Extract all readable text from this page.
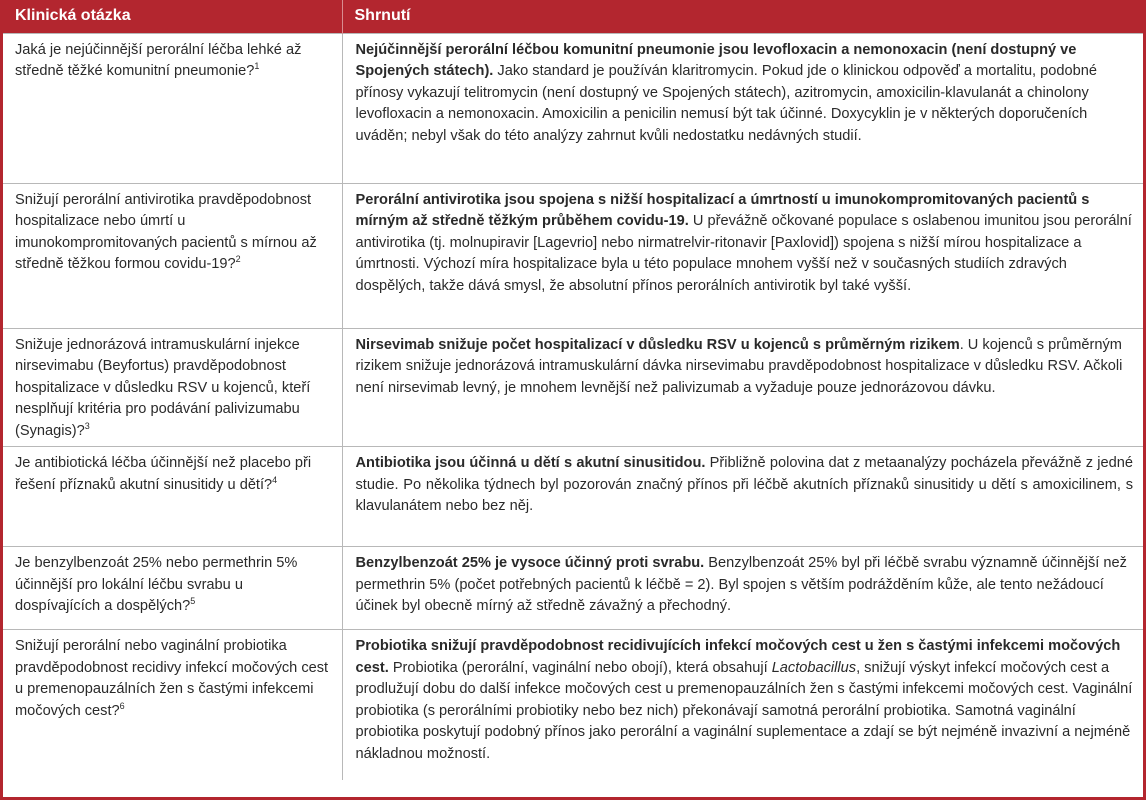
Klinická otázka	Shrnutí
Jaká je nejúčinnější perorální léčba lehké až středně těžké komunitní pneumonie?$^1$	Nejúčinnější perorální léčbou komunitní pneumonie jsou levofloxacin a nemonoxacin (není dostupný ve Spojených státech). Jako standard je používán klaritromycin. Pokud jde o klinickou odpověď a mortalitu, podobné přínosy vykazují telitromycin (není dostupný ve Spojených státech), azitromycin, amoxicilin-klavulanát a chinolony levofloxacin a nemonoxacin. Amoxicilin a penicilin nemusí být tak účinné. Doxycyklin je v některých doporučeních uváděn; nebyl však do této analýzy zahrnut kvůli nedostatku nedávných studií.
Snižují perorální antivirotika pravděpodobnost hospitalizace nebo úmrtí u imunokompromitovaných pacientů s mírnou až středně těžkou formou covidu-19?$^2$	Perorální antivirotika jsou spojena s nižší hospitalizací a úmrtností u imunokompromitovaných pacientů s mírným až středně těžkým průběhem covidu-19. U převážně očkované populace s oslabenou imunitou jsou perorální antivirotika (tj. molnupiravir [Lagevrio] nebo nirmatrelvir-ritonavir [Paxlovid]) spojena s nižší mírou hospitalizace a úmrtnosti. Výchozí míra hospitalizace byla u této populace mnohem vyšší než v současných studiích zdravých dospělých, takže dává smysl, že absolutní přínos perorálních antivirotik byl také vyšší.
Snižuje jednorázová intramuskulární injekce nirsevimabu (Beyfortus) pravděpodobnost hospitalizace v důsledku RSV u kojenců, kteří nesplňují kritéria pro podávání palivizumabu (Synagis)?$^3$	Nirsevimab snižuje počet hospitalizací v důsledku RSV u kojenců s průměrným rizikem. U kojenců s průměrným rizikem snižuje jednorázová intramuskulární dávka nirsevimabu pravděpodobnost hospitalizace v důsledku RSV. Ačkoli není nirsevimab levný, je mnohem levnější než palivizumab a vyžaduje pouze jednorázovou dávku.
Je antibiotická léčba účinnější než placebo při řešení příznaků akutní sinusitidy u dětí?$^4$	Antibiotika jsou účinná u dětí s akutní sinusitidou. Přibližně polovina dat z metaanalýzy pocházela převážně z jedné studie. Po několika týdnech byl pozorován značný přínos při léčbě akutních příznaků sinusitidy u dětí s amoxicilinem, s klavulanátem nebo bez něj.
Je benzylbenzoát 25% nebo permethrin 5% účinnější pro lokální léčbu svrabu u dospívajících a dospělých?$^5$	Benzylbenzoát 25% je vysoce účinný proti svrabu. Benzylbenzoát 25% byl při léčbě svrabu významně účinnější než permethrin 5% (počet potřebných pacientů k léčbě = 2). Byl spojen s větším podrážděním kůže, ale tento nežádoucí účinek byl obecně mírný až středně závažný a přechodný.
Snižují perorální nebo vaginální probiotika pravděpodobnost recidivy infekcí močových cest u premenopauzálních žen s častými infekcemi močových cest?$^6$	Probiotika snižují pravděpodobnost recidivujících infekcí močových cest u žen s častými infekcemi močových cest. Probiotika (perorální, vaginální nebo obojí), která obsahují Lactobacillus, snižují výskyt infekcí močových cest a prodlužují dobu do další infekce močových cest u premenopauzálních žen s častými infekcemi močových cest. Vaginální probiotika (s perorálními probiotiky nebo bez nich) překonávají samotná perorální probiotika. Samotná vaginální probiotika poskytují podobný přínos jako perorální a vaginální suplementace a zdají se být nejméně invazivní a nejméně nákladnou možností.
